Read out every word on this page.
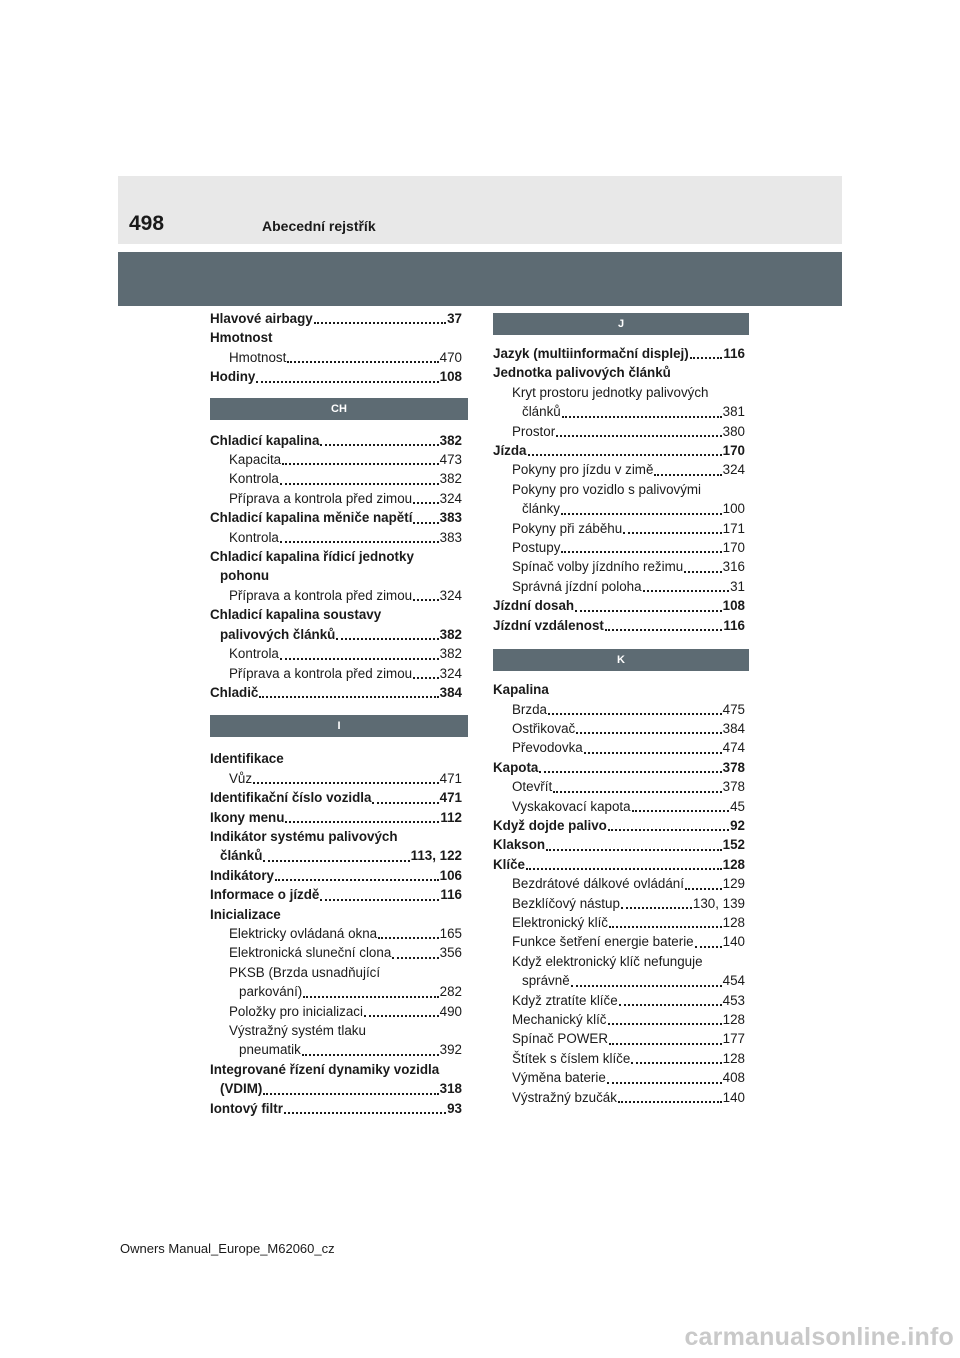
498	Abecední rejstřík
Hlavové airbagy	37
Hmotnost
Hmotnost	470
Hodiny	108
CH
Chladicí kapalina	382
Kapacita	473
Kontrola	382
Příprava a kontrola před zimou 324
Chladicí kapalina měniče napětí 383
Kontrola	383
Chladicí kapalina řídicí jednotky
pohonu
Příprava a kontrola před zimou 324
Chladicí kapalina soustavy
palivových článků	382
Kontrola	382
Příprava a kontrola před zimou 324
Chladič	384
I
Identifikace
Vůz	471
Identifikační číslo vozidla	471
Ikony menu	112
Indikátor systému palivových
článků	113, 122
Indikátory	106
Informace o jízdě	116
Inicializace
Elektricky ovládaná okna	165
Elektronická sluneční clona	356
PKSB (Brzda usnadňující
parkování)	282
Položky pro inicializaci	490
Výstražný systém tlaku
pneumatik	392
Integrované řízení dynamiky vozidla
(VDIM)	318
Iontový filtr	93
J
Jazyk (multiinformační displej)	116
Jednotka palivových článků
Kryt prostoru jednotky palivových
článků	381
Prostor	380
Jízda	170
Pokyny pro jízdu v zimě	324
Pokyny pro vozidlo s palivovými
články	100
Pokyny při záběhu	171
Postupy	170
Spínač volby jízdního režimu	316
Správná jízdní poloha	31
Jízdní dosah	108
Jízdní vzdálenost	116
K
Kapalina
Brzda	475
Ostřikovač	384
Převodovka	474
Kapota	378
Otevřít	378
Vyskakovací kapota	45
Když dojde palivo	92
Klakson	152
Klíče	128
Bezdrátové dálkové ovládání	129
Bezklíčový nástup	130, 139
Elektronický klíč	128
Funkce šetření energie baterie 140
Když elektronický klíč nefunguje
správně	454
Když ztratíte klíče	453
Mechanický klíč	128
Spínač POWER	177
Štítek s číslem klíče	128
Výměna baterie	408
Výstražný bzučák	140
Owners Manual_Europe_M62060_cz
carmanualsonline.info
